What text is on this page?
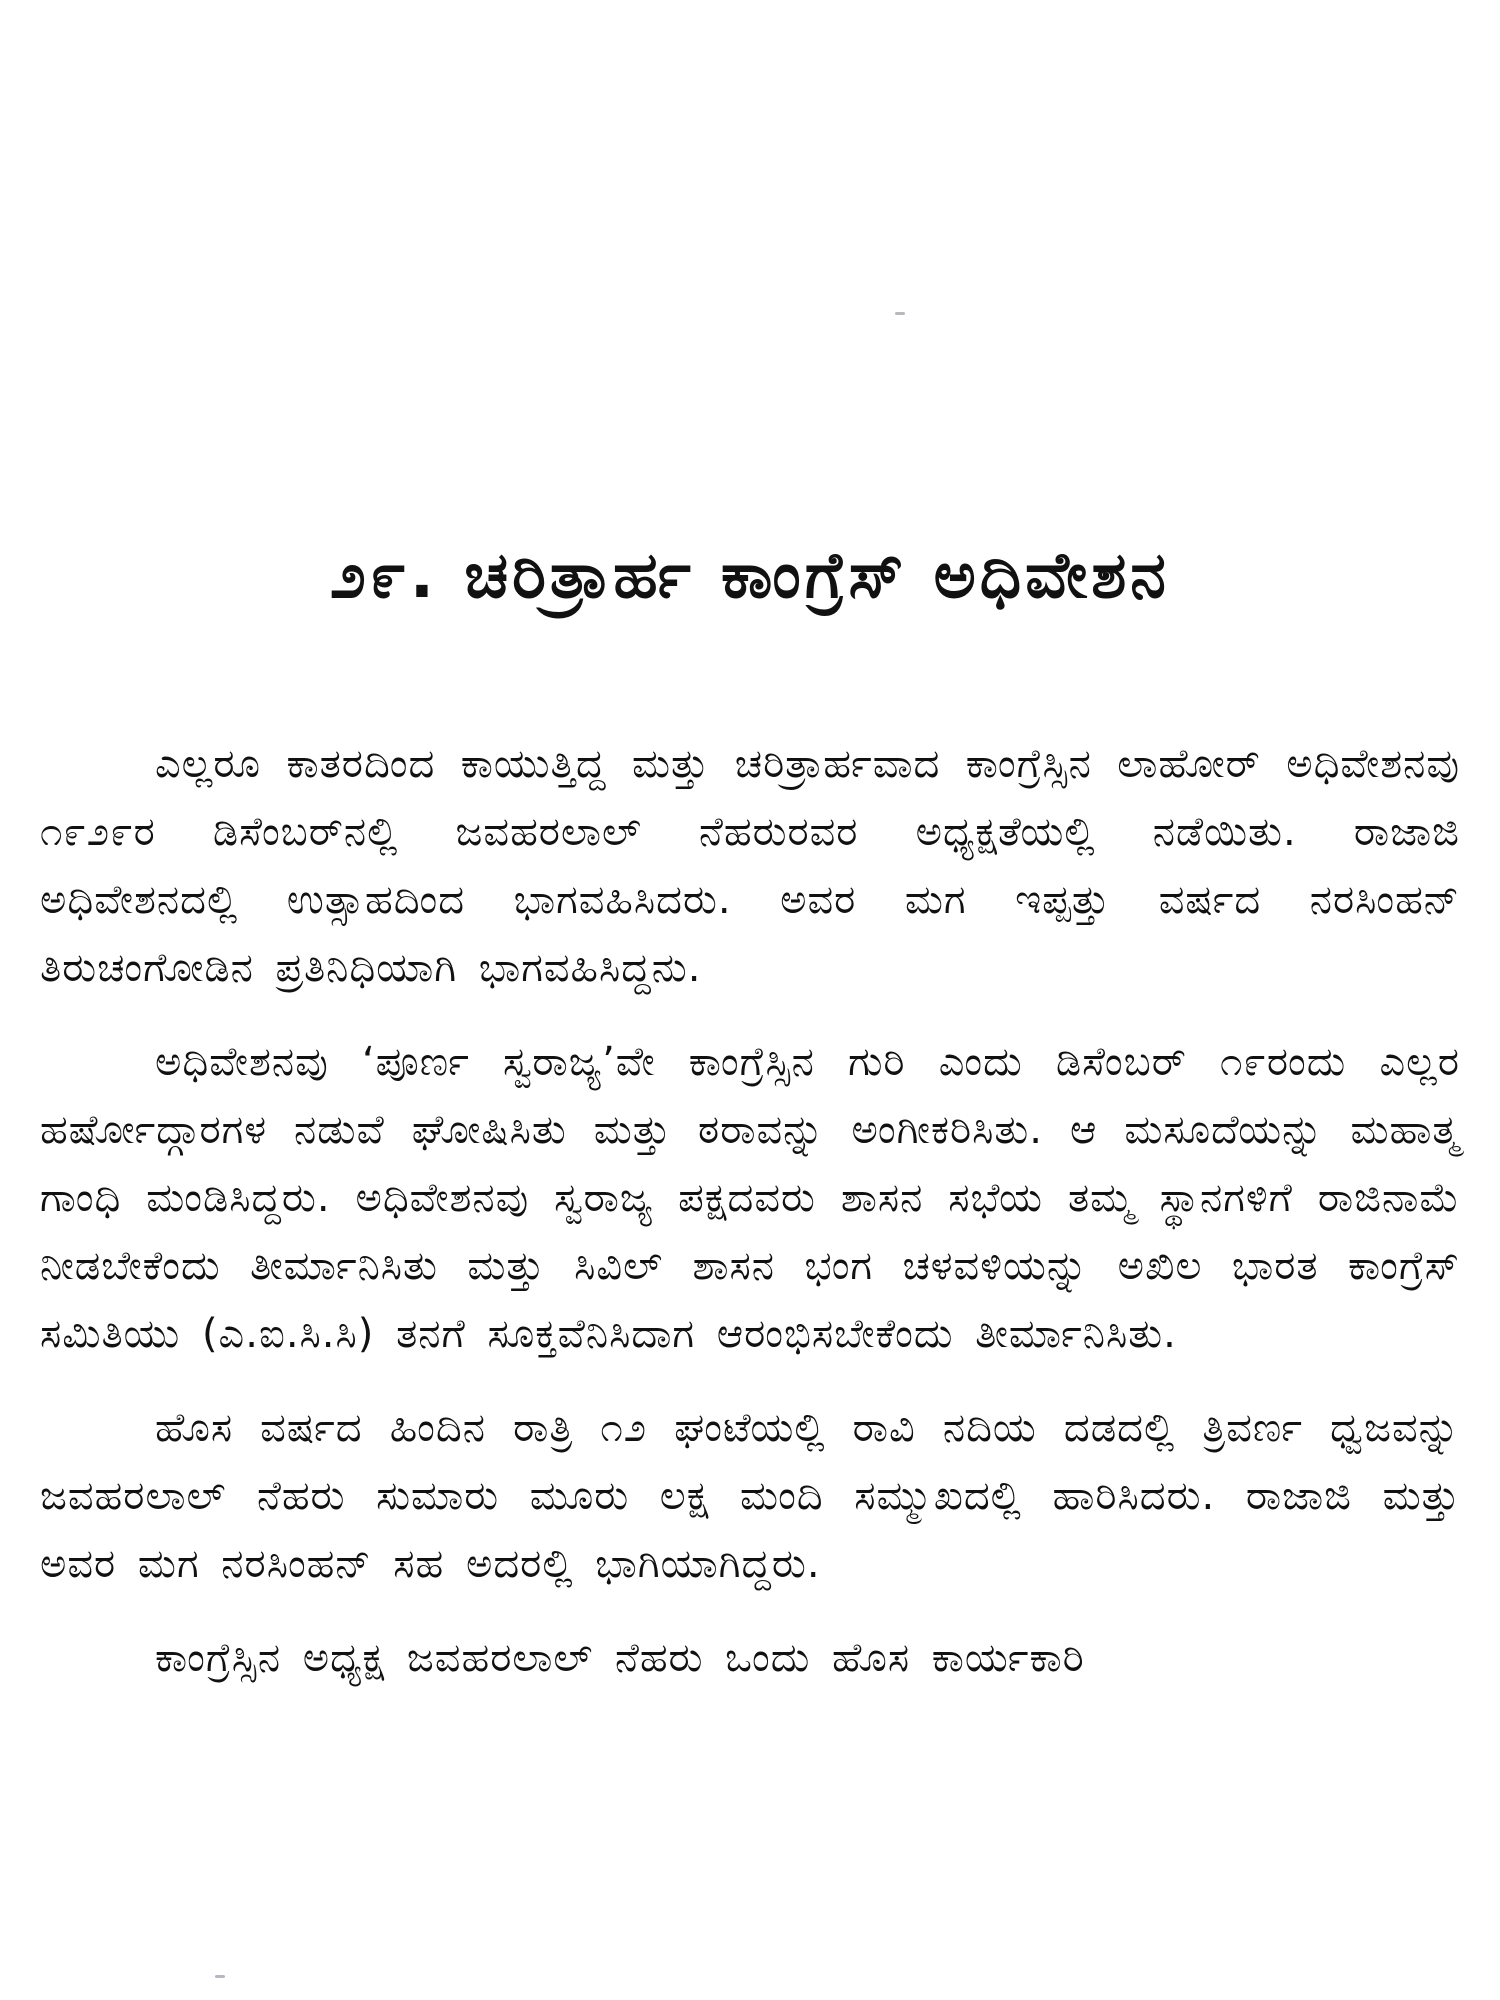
೨೯. ಚರಿತ್ರಾರ್ಹ ಕಾಂಗ್ರೆಸ್ ಅಧಿವೇಶನ

ಎಲ್ಲರೂ ಕಾತರದಿಂದ ಕಾಯುತ್ತಿದ್ದ ಮತ್ತು ಚರಿತ್ರಾರ್ಹವಾದ ಕಾಂಗ್ರೆಸ್ಸಿನ ಲಾಹೋರ್ ಅಧಿವೇಶನವು ೧೯೨೯ರ ಡಿಸೆಂಬರ್‌ನಲ್ಲಿ ಜವಹರಲಾಲ್ ನೆಹರುರವರ ಅಧ್ಯಕ್ಷತೆಯಲ್ಲಿ ನಡೆಯಿತು. ರಾಜಾಜಿ ಅಧಿವೇಶನದಲ್ಲಿ ಉತ್ಸಾಹದಿಂದ ಭಾಗವಹಿಸಿದರು. ಅವರ ಮಗ ಇಪ್ಪತ್ತು ವರ್ಷದ ನರಸಿಂಹನ್ ತಿರುಚಂಗೋಡಿನ ಪ್ರತಿನಿಧಿಯಾಗಿ ಭಾಗವಹಿಸಿದ್ದನು.

ಅಧಿವೇಶನವು ‘ಪೂರ್ಣ ಸ್ವರಾಜ್ಯ’ವೇ ಕಾಂಗ್ರೆಸ್ಸಿನ ಗುರಿ ಎಂದು ಡಿಸೆಂಬರ್ ೧೯ರಂದು ಎಲ್ಲರ ಹರ್ಷೋದ್ಗಾರಗಳ ನಡುವೆ ಘೋಷಿಸಿತು ಮತ್ತು ಠರಾವನ್ನು ಅಂಗೀಕರಿಸಿತು. ಆ ಮಸೂದೆಯನ್ನು ಮಹಾತ್ಮ ಗಾಂಧಿ ಮಂಡಿಸಿದ್ದರು. ಅಧಿವೇಶನವು ಸ್ವರಾಜ್ಯ ಪಕ್ಷದವರು ಶಾಸನ ಸಭೆಯ ತಮ್ಮ ಸ್ಥಾನಗಳಿಗೆ ರಾಜಿನಾಮೆ ನೀಡಬೇಕೆಂದು ತೀರ್ಮಾನಿಸಿತು ಮತ್ತು ಸಿವಿಲ್ ಶಾಸನ ಭಂಗ ಚಳವಳಿಯನ್ನು ಅಖಿಲ ಭಾರತ ಕಾಂಗ್ರೆಸ್ ಸಮಿತಿಯು (ಎ.ಐ.ಸಿ.ಸಿ) ತನಗೆ ಸೂಕ್ತವೆನಿಸಿದಾಗ ಆರಂಭಿಸಬೇಕೆಂದು ತೀರ್ಮಾನಿಸಿತು.

ಹೊಸ ವರ್ಷದ ಹಿಂದಿನ ರಾತ್ರಿ ೧೨ ಘಂಟೆಯಲ್ಲಿ ರಾವಿ ನದಿಯ ದಡದಲ್ಲಿ ತ್ರಿವರ್ಣ ಧ್ವಜವನ್ನು ಜವಹರಲಾಲ್ ನೆಹರು ಸುಮಾರು ಮೂರು ಲಕ್ಷ ಮಂದಿ ಸಮ್ಮುಖದಲ್ಲಿ ಹಾರಿಸಿದರು. ರಾಜಾಜಿ ಮತ್ತು ಅವರ ಮಗ ನರಸಿಂಹನ್ ಸಹ ಅದರಲ್ಲಿ ಭಾಗಿಯಾಗಿದ್ದರು.

ಕಾಂಗ್ರೆಸ್ಸಿನ ಅಧ್ಯಕ್ಷ ಜವಹರಲಾಲ್ ನೆಹರು ಒಂದು ಹೊಸ ಕಾರ್ಯಕಾರಿ
